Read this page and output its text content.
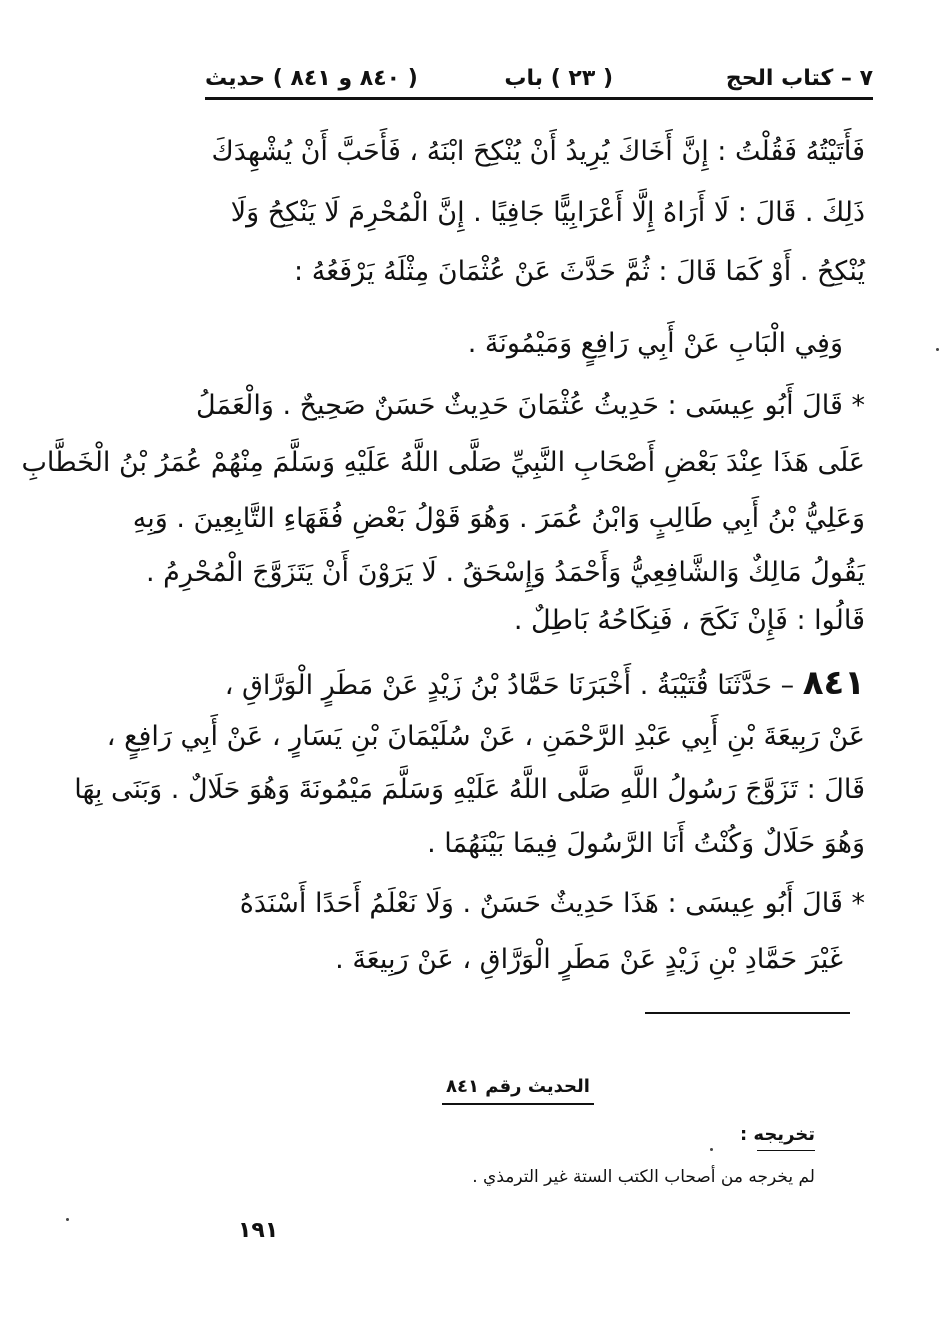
٧ – كتاب الحج
( ٢٣ ) باب
( ٨٤٠ و ٨٤١ ) حديث
فَأَتَيْتُهُ فَقُلْتُ : إِنَّ أَخَاكَ يُرِيدُ أَنْ يُنْكِحَ ابْنَهُ ، فَأَحَبَّ أَنْ يُشْهِدَكَ
ذَلِكَ . قَالَ : لَا أَرَاهُ إِلَّا أَعْرَابِيًّا جَافِيًا . إِنَّ الْمُحْرِمَ لَا يَنْكِحُ وَلَا
يُنْكِحُ . أَوْ كَمَا قَالَ : ثُمَّ حَدَّثَ عَنْ عُثْمَانَ مِثْلَهُ يَرْفَعُهُ :
وَفِي الْبَابِ عَنْ أَبِي رَافِعٍ وَمَيْمُونَةَ .
* قَالَ أَبُو عِيسَى : حَدِيثُ عُثْمَانَ حَدِيثٌ حَسَنٌ صَحِيحٌ . وَالْعَمَلُ
عَلَى هَذَا عِنْدَ بَعْضِ أَصْحَابِ النَّبِيِّ صَلَّى اللَّهُ عَلَيْهِ وَسَلَّمَ مِنْهُمْ عُمَرُ بْنُ الْخَطَّابِ
وَعَلِيُّ بْنُ أَبِي طَالِبٍ وَابْنُ عُمَرَ . وَهُوَ قَوْلُ بَعْضِ فُقَهَاءِ التَّابِعِينَ . وَبِهِ
يَقُولُ مَالِكٌ وَالشَّافِعِيُّ وَأَحْمَدُ وَإِسْحَقُ . لَا يَرَوْنَ أَنْ يَتَزَوَّجَ الْمُحْرِمُ .
قَالُوا : فَإِنْ نَكَحَ ، فَنِكَاحُهُ بَاطِلٌ .
٨٤١ – حَدَّثَنَا قُتَيْبَةُ . أَخْبَرَنَا حَمَّادُ بْنُ زَيْدٍ عَنْ مَطَرٍ الْوَرَّاقِ ،
عَنْ رَبِيعَةَ بْنِ أَبِي عَبْدِ الرَّحْمَنِ ، عَنْ سُلَيْمَانَ بْنِ يَسَارٍ ، عَنْ أَبِي رَافِعٍ ،
قَالَ : تَزَوَّجَ رَسُولُ اللَّهِ صَلَّى اللَّهُ عَلَيْهِ وَسَلَّمَ مَيْمُونَةَ وَهُوَ حَلَالٌ . وَبَنَى بِهَا
وَهُوَ حَلَالٌ وَكُنْتُ أَنَا الرَّسُولَ فِيمَا بَيْنَهُمَا .
* قَالَ أَبُو عِيسَى : هَذَا حَدِيثٌ حَسَنٌ . وَلَا نَعْلَمُ أَحَدًا أَسْنَدَهُ
غَيْرَ حَمَّادِ بْنِ زَيْدٍ عَنْ مَطَرٍ الْوَرَّاقِ ، عَنْ رَبِيعَةَ .
الحديث رقم ٨٤١
تخريجه :
لم يخرجه من أصحاب الكتب الستة غير الترمذي .
١٩١
